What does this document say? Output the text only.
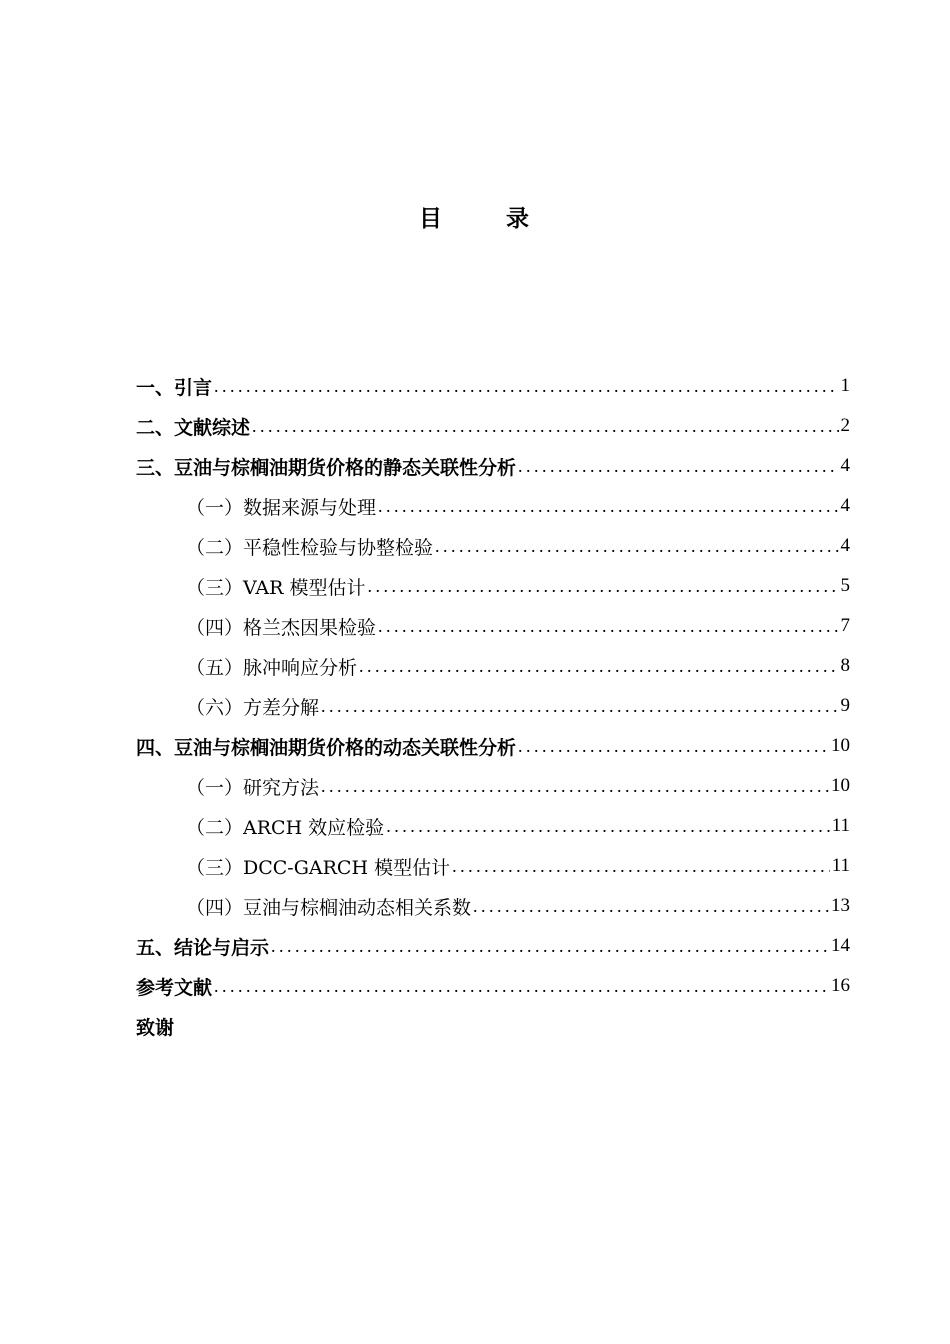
目	录
一、引言 .....	1
二、文献综述 .....	2
三、豆油与棕榈油期货价格的静态关联性分析 .....	4
（一）数据来源与处理 .....	4
（二）平稳性检验与协整检验 .....	4
（三）VAR 模型估计 .....	5
（四）格兰杰因果检验 .....	7
（五）脉冲响应分析 .....	8
（六）方差分解 .....	9
四、豆油与棕榈油期货价格的动态关联性分析 .....	10
（一）研究方法 .....	10
（二）ARCH 效应检验 .....	11
（三）DCC-GARCH 模型估计 .....	11
（四）豆油与棕榈油动态相关系数 .....	13
五、结论与启示 .....	14
参考文献 .....	16
致谢
